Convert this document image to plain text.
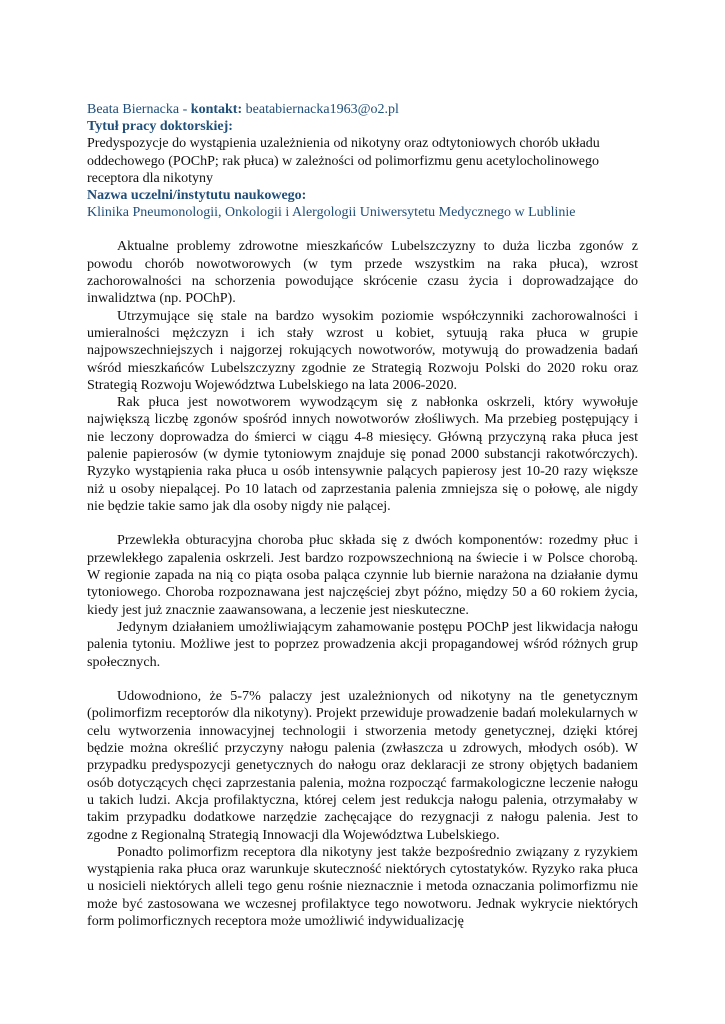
Beata Biernacka - kontakt: beatabiernacka1963@o2.pl
Tytuł pracy doktorskiej:
Predyspozycje do wystąpienia uzależnienia od nikotyny oraz odtytoniowych chorób układu oddechowego (POChP; rak płuca) w zależności od polimorfizmu genu acetylocholinowego receptora dla nikotyny
Nazwa uczelni/instytutu naukowego:
Klinika Pneumonologii, Onkologii i Alergologii Uniwersytetu Medycznego w Lublinie

Aktualne problemy zdrowotne mieszkańców Lubelszczyzny to duża liczba zgonów z powodu chorób nowotworowych (w tym przede wszystkim na raka płuca), wzrost zachorowalności na schorzenia powodujące skrócenie czasu życia i doprowadzające do inwalidztwa (np. POChP).

Utrzymujące się stale na bardzo wysokim poziomie współczynniki zachorowalności i umieralności mężczyzn i ich stały wzrost u kobiet, sytuują raka płuca w grupie najpowszechniejszych i najgorzej rokujących nowotworów, motywują do prowadzenia badań wśród mieszkańców Lubelszczyzny zgodnie ze Strategią Rozwoju Polski do 2020 roku oraz Strategią Rozwoju Województwa Lubelskiego na lata 2006-2020.

Rak płuca jest nowotworem wywodzącym się z nabłonka oskrzeli, który wywołuje największą liczbę zgonów spośród innych nowotworów złośliwych. Ma przebieg postępujący i nie leczony doprowadza do śmierci w ciągu 4-8 miesięcy. Główną przyczyną raka płuca jest palenie papierosów (w dymie tytoniowym znajduje się ponad 2000 substancji rakotwórczych). Ryzyko wystąpienia raka płuca u osób intensywnie palących papierosy jest 10-20 razy większe niż u osoby niepalącej. Po 10 latach od zaprzestania palenia zmniejsza się o połowę, ale nigdy nie będzie takie samo jak dla osoby nigdy nie palącej.

Przewlekła obturacyjna choroba płuc składa się z dwóch komponentów: rozedmy płuc i przewlekłego zapalenia oskrzeli. Jest bardzo rozpowszechnioną na świecie i w Polsce chorobą. W regionie zapada na nią co piąta osoba paląca czynnie lub biernie narażona na działanie dymu tytoniowego. Choroba rozpoznawana jest najczęściej zbyt późno, między 50 a 60 rokiem życia, kiedy jest już znacznie zaawansowana, a leczenie jest nieskuteczne.

Jedynym działaniem umożliwiającym zahamowanie postępu POChP jest likwidacja nałogu palenia tytoniu. Możliwe jest to poprzez prowadzenia akcji propagandowej wśród różnych grup społecznych.

Udowodniono, że 5-7% palaczy jest uzależnionych od nikotyny na tle genetycznym (polimorfizm receptorów dla nikotyny). Projekt przewiduje prowadzenie badań molekularnych w celu wytworzenia innowacyjnej technologii i stworzenia metody genetycznej, dzięki której będzie można określić przyczyny nałogu palenia (zwłaszcza u zdrowych, młodych osób). W przypadku predyspozycji genetycznych do nałogu oraz deklaracji ze strony objętych badaniem osób dotyczących chęci zaprzestania palenia, można rozpocząć farmakologiczne leczenie nałogu u takich ludzi. Akcja profilaktyczna, której celem jest redukcja nałogu palenia, otrzymałaby w takim przypadku dodatkowe narzędzie zachęcające do rezygnacji z nałogu palenia. Jest to zgodne z Regionalną Strategią Innowacji dla Województwa Lubelskiego.

Ponadto polimorfizm receptora dla nikotyny jest także bezpośrednio związany z ryzykiem wystąpienia raka płuca oraz warunkuje skuteczność niektórych cytostatyków. Ryzyko raka płuca u nosicieli niektórych alleli tego genu rośnie nieznacznie i metoda oznaczania polimorfizmu nie może być zastosowana we wczesnej profilaktyce tego nowotworu. Jednak wykrycie niektórych form polimorficznych receptora może umożliwić indywidualizację
